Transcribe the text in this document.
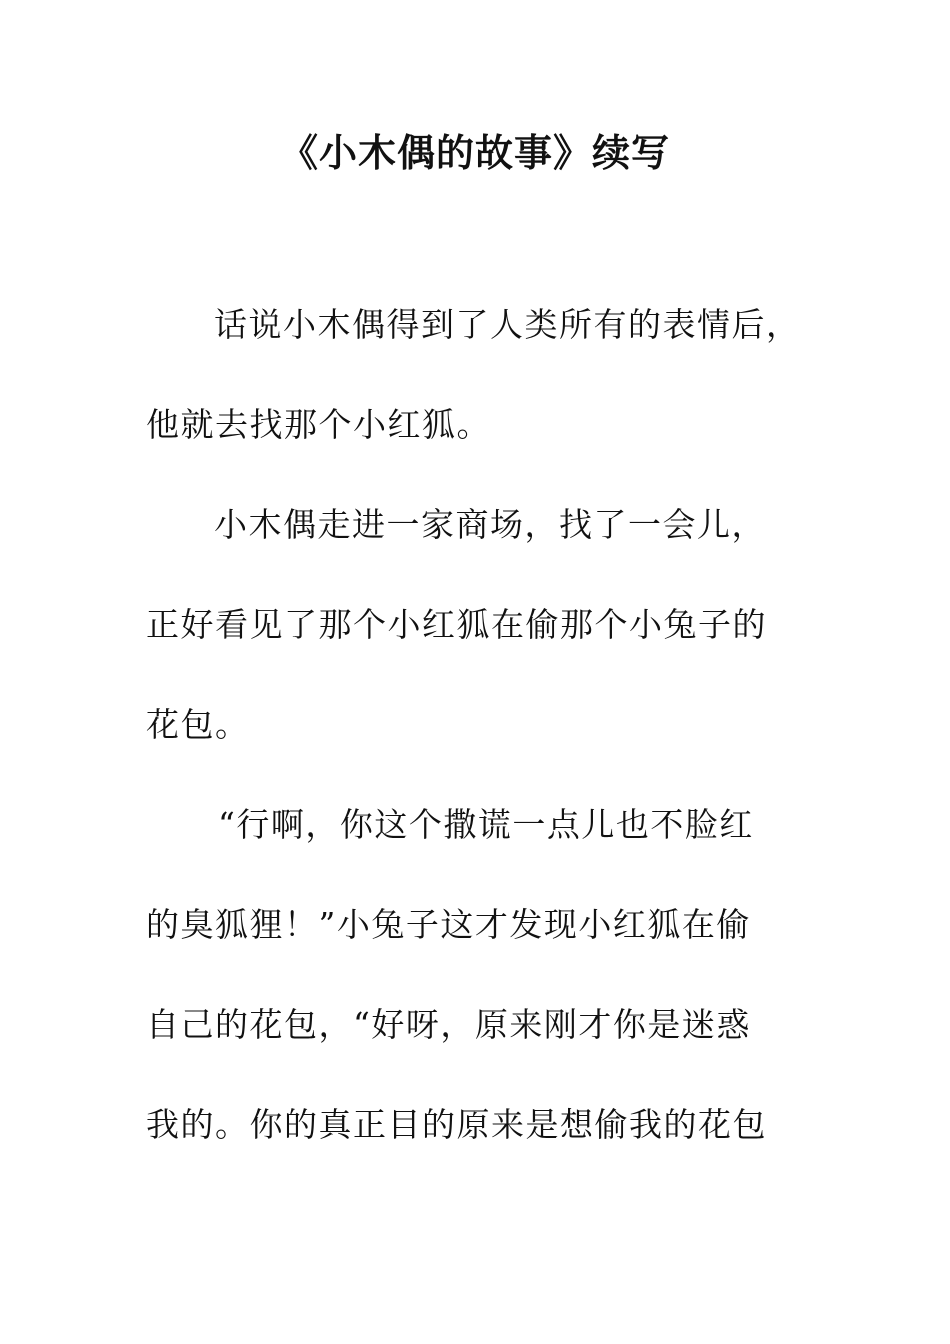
《小木偶的故事》续写
话说小木偶得到了人类所有的表情后，
他就去找那个小红狐。
小木偶走进一家商场，找了一会儿，
正好看见了那个小红狐在偷那个小兔子的
花包。
“行啊，你这个撒谎一点儿也不脸红
的臭狐狸！”小兔子这才发现小红狐在偷
自己的花包，“好呀，原来刚才你是迷惑
我的。你的真正目的原来是想偷我的花包
